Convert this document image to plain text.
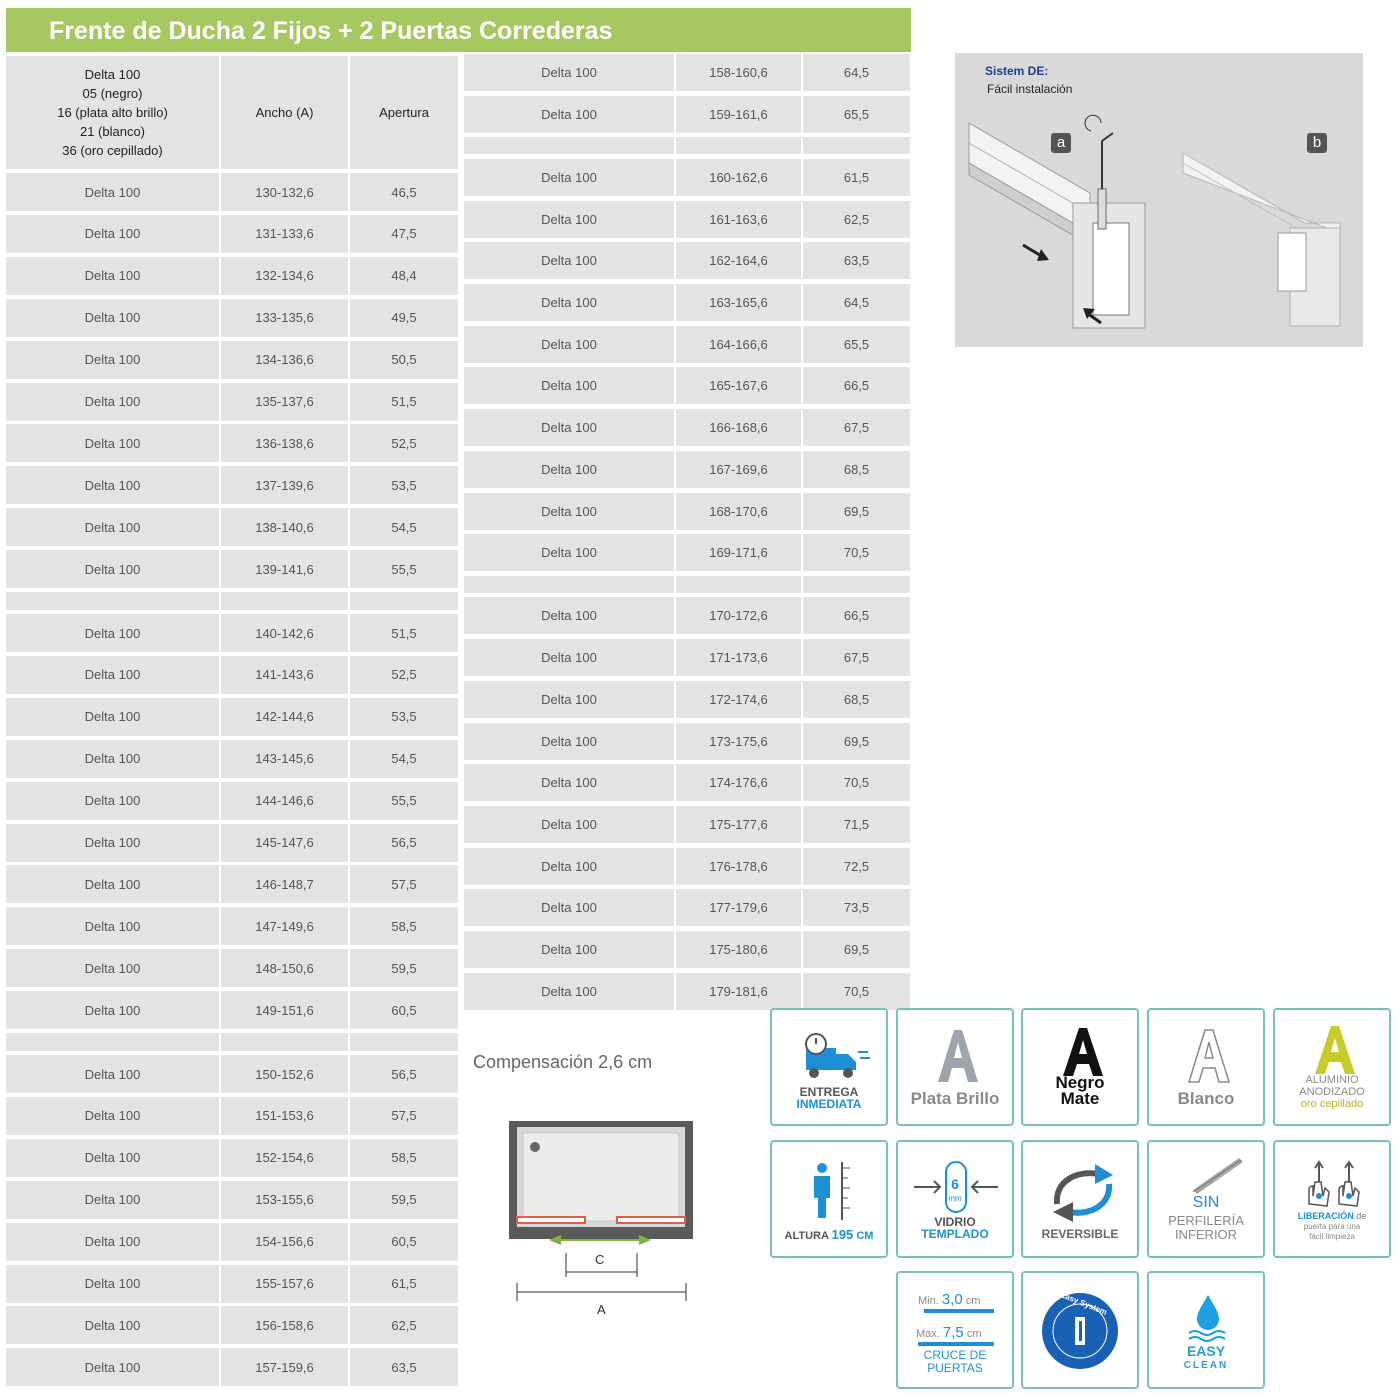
Frente de Ducha 2 Fijos + 2 Puertas Correderas
Delta 100
05 (negro)
16 (plata alto brillo)
21 (blanco)
36 (oro cepillado)
Ancho (A)	Apertura
Delta 100	130-132,6	46,5
Delta 100	131-133,6	47,5
Delta 100	132-134,6	48,4
Delta 100	133-135,6	49,5
Delta 100	134-136,6	50,5
Delta 100	135-137,6	51,5
Delta 100	136-138,6	52,5
Delta 100	137-139,6	53,5
Delta 100	138-140,6	54,5
Delta 100	139-141,6	55,5
Delta 100	140-142,6	51,5
Delta 100	141-143,6	52,5
Delta 100	142-144,6	53,5
Delta 100	143-145,6	54,5
Delta 100	144-146,6	55,5
Delta 100	145-147,6	56,5
Delta 100	146-148,7	57,5
Delta 100	147-149,6	58,5
Delta 100	148-150,6	59,5
Delta 100	149-151,6	60,5
Delta 100	150-152,6	56,5
Delta 100	151-153,6	57,5
Delta 100	152-154,6	58,5
Delta 100	153-155,6	59,5
Delta 100	154-156,6	60,5
Delta 100	155-157,6	61,5
Delta 100	156-158,6	62,5
Delta 100	157-159,6	63,5
Delta 100	158-160,6	64,5
Delta 100	159-161,6	65,5
Delta 100	160-162,6	61,5
Delta 100	161-163,6	62,5
Delta 100	162-164,6	63,5
Delta 100	163-165,6	64,5
Delta 100	164-166,6	65,5
Delta 100	165-167,6	66,5
Delta 100	166-168,6	67,5
Delta 100	167-169,6	68,5
Delta 100	168-170,6	69,5
Delta 100	169-171,6	70,5
Delta 100	170-172,6	66,5
Delta 100	171-173,6	67,5
Delta 100	172-174,6	68,5
Delta 100	173-175,6	69,5
Delta 100	174-176,6	70,5
Delta 100	175-177,6	71,5
Delta 100	176-178,6	72,5
Delta 100	177-179,6	73,5
Delta 100	175-180,6	69,5
Delta 100	179-181,6	70,5
Sistem DE:
Fácil instalación
a	b
Compensación 2,6 cm
C
A
ENTREGA
INMEDIATA	Plata Brillo
Negro
Mate	Blanco
ALUMINIO
ANODIZADO
oro cepillado
ALTURA 195 CM
6
mm
VIDRIO
TEMPLADO	REVERSIBLE
SIN
PERFILERÍA
INFERIOR
LIBERACIÓN de
puerta para una
fácil limpieza
Min. 3,0 cm
Max. 7,5 cm
CRUCE DE
PUERTAS
Easy System
EASY
CLEAN
